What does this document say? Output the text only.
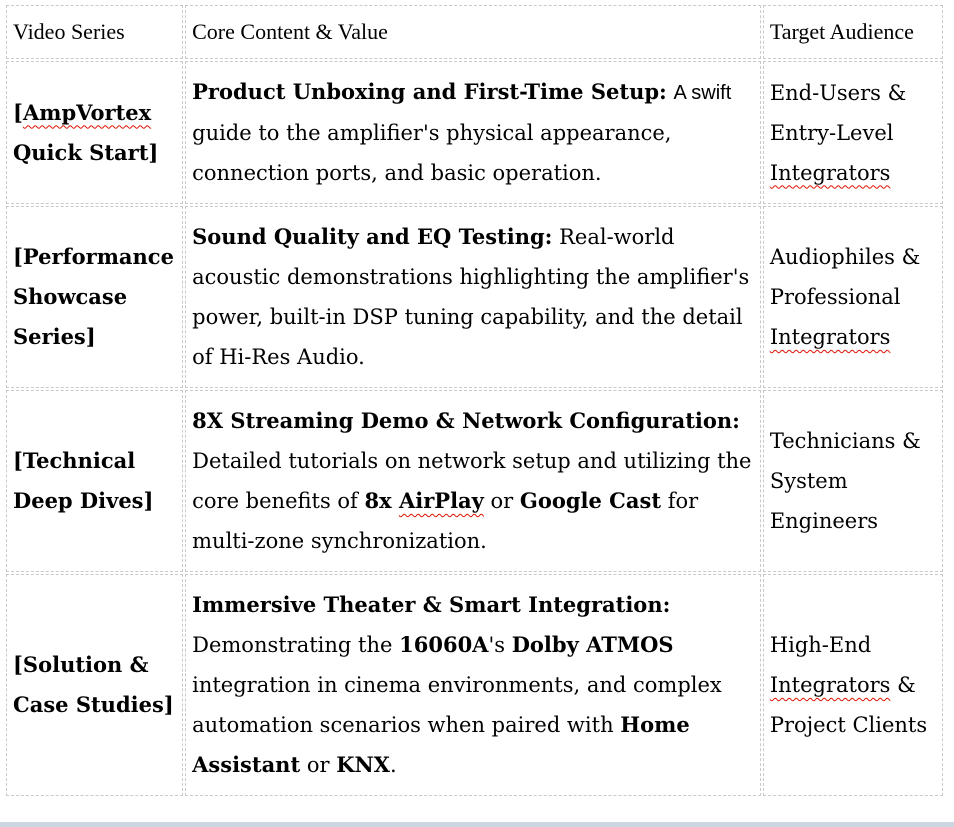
Video Series	Core Content & Value	Target Audience
[AmpVortex Quick Start]	Product Unboxing and First-Time Setup: A swift guide to the amplifier's physical appearance, connection ports, and basic operation.	End-Users & Entry-Level Integrators
[Performance Showcase Series]	Sound Quality and EQ Testing: Real-world acoustic demonstrations highlighting the amplifier's power, built-in DSP tuning capability, and the detail of Hi-Res Audio.	Audiophiles & Professional Integrators
[Technical Deep Dives]	8X Streaming Demo & Network Configuration: Detailed tutorials on network setup and utilizing the core benefits of 8x AirPlay or Google Cast for multi-zone synchronization.	Technicians & System Engineers
[Solution & Case Studies]	Immersive Theater & Smart Integration: Demonstrating the 16060A's Dolby ATMOS integration in cinema environments, and complex automation scenarios when paired with Home Assistant or KNX.	High-End Integrators & Project Clients
